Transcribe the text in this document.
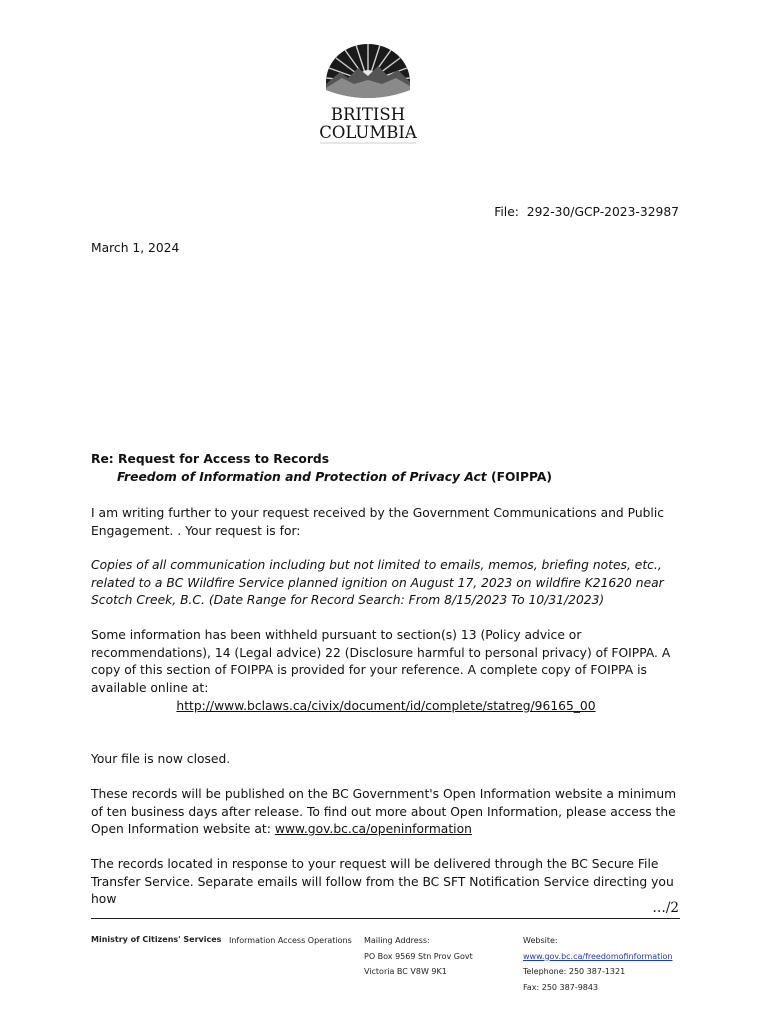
BRITISH
COLUMBIA
File:  292-30/GCP-2023-32987
March 1, 2024
Re: Request for Access to Records
Freedom of Information and Protection of Privacy Act (FOIPPA)
I am writing further to your request received by the Government Communications and Public Engagement. . Your request is for:
Copies of all communication including but not limited to emails, memos, briefing notes, etc., related to a BC Wildfire Service planned ignition on August 17, 2023 on wildfire K21620 near Scotch Creek, B.C. (Date Range for Record Search: From 8/15/2023 To 10/31/2023)
Some information has been withheld pursuant to section(s) 13 (Policy advice or recommendations), 14 (Legal advice) 22 (Disclosure harmful to personal privacy) of FOIPPA. A copy of this section of FOIPPA is provided for your reference. A complete copy of FOIPPA is available online at:
http://www.bclaws.ca/civix/document/id/complete/statreg/96165_00
Your file is now closed.
These records will be published on the BC Government's Open Information website a minimum of ten business days after release. To find out more about Open Information, please access the Open Information website at: www.gov.bc.ca/openinformation
The records located in response to your request will be delivered through the BC Secure File Transfer Service. Separate emails will follow from the BC SFT Notification Service directing you how
…/2
Ministry of Citizens' Services Information Access Operations Mailing Address:
PO Box 9569 Stn Prov Govt
Victoria BC V8W 9K1
Website:
www.gov.bc.ca/freedomofinformation
Telephone: 250 387-1321
Fax: 250 387-9843
